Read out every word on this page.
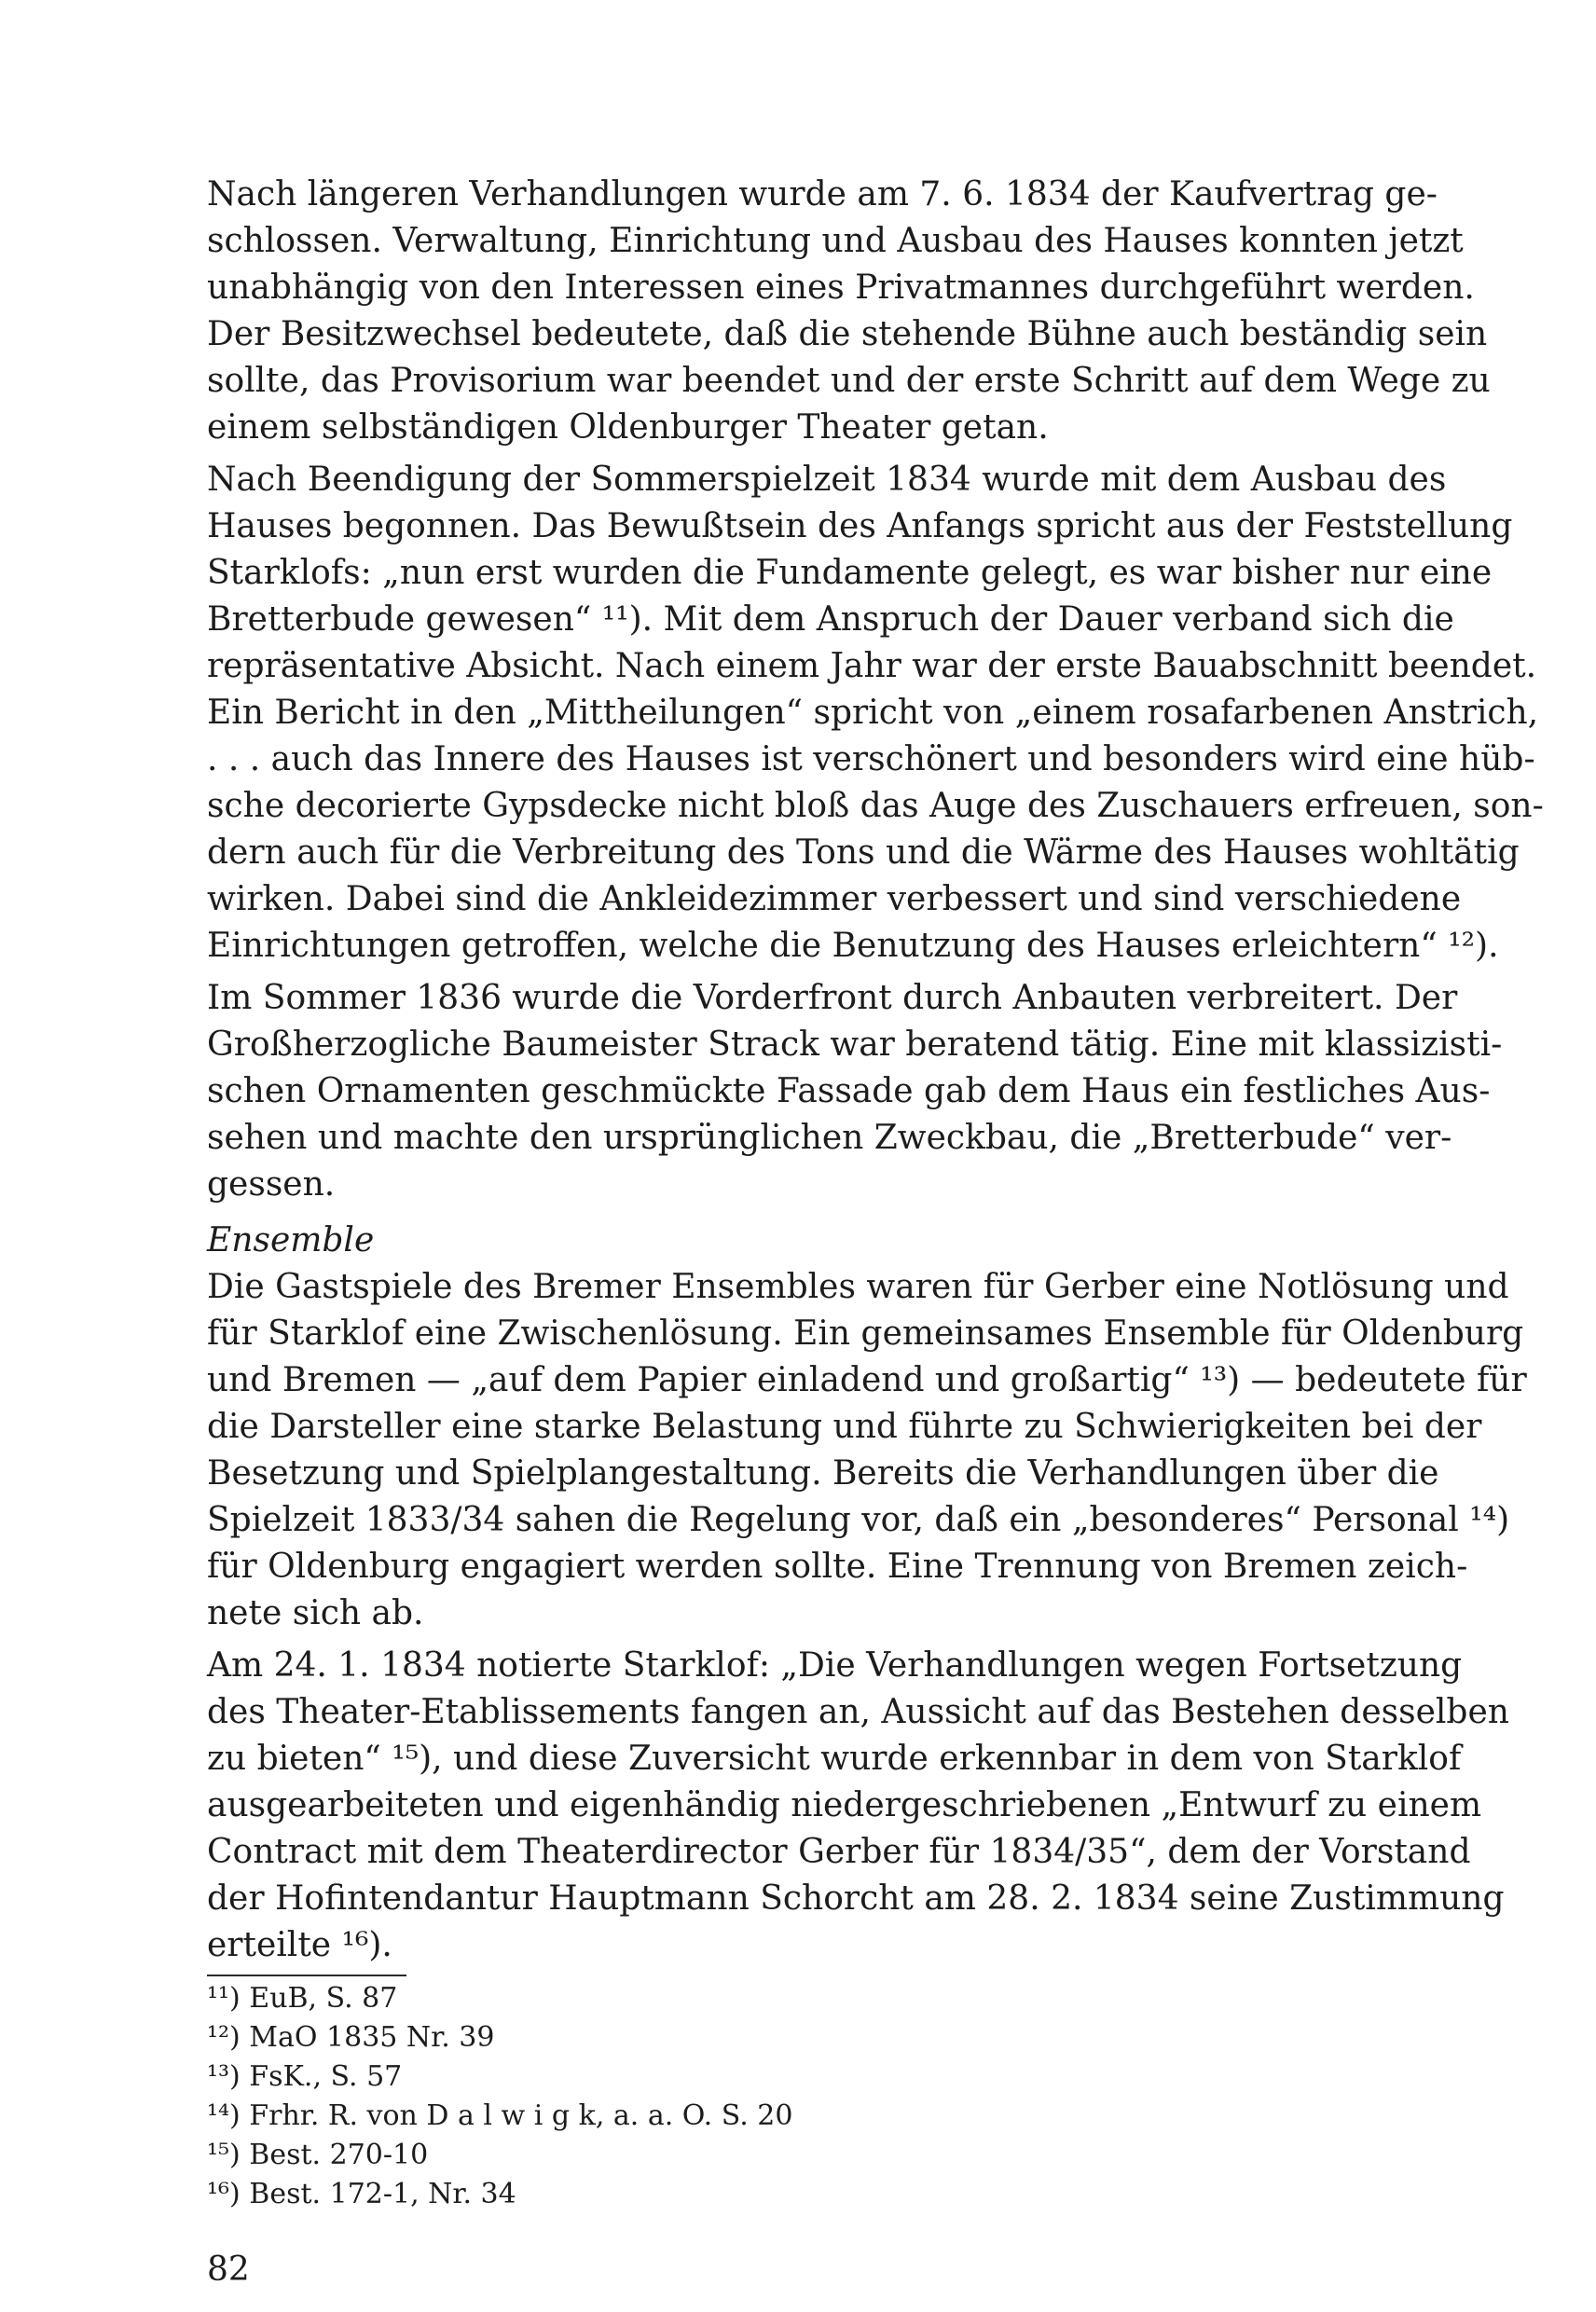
Nach längeren Verhandlungen wurde am 7. 6. 1834 der Kaufvertrag ge-
schlossen. Verwaltung, Einrichtung und Ausbau des Hauses konnten jetzt
unabhängig von den Interessen eines Privatmannes durchgeführt werden.
Der Besitzwechsel bedeutete, daß die stehende Bühne auch beständig sein
sollte, das Provisorium war beendet und der erste Schritt auf dem Wege zu
einem selbständigen Oldenburger Theater getan.
Nach Beendigung der Sommerspielzeit 1834 wurde mit dem Ausbau des
Hauses begonnen. Das Bewußtsein des Anfangs spricht aus der Feststellung
Starklofs: „nun erst wurden die Fundamente gelegt, es war bisher nur eine
Bretterbude gewesen“ ¹¹). Mit dem Anspruch der Dauer verband sich die
repräsentative Absicht. Nach einem Jahr war der erste Bauabschnitt beendet.
Ein Bericht in den „Mittheilungen“ spricht von „einem rosafarbenen Anstrich,
. . . auch das Innere des Hauses ist verschönert und besonders wird eine hüb-
sche decorierte Gypsdecke nicht bloß das Auge des Zuschauers erfreuen, son-
dern auch für die Verbreitung des Tons und die Wärme des Hauses wohltätig
wirken. Dabei sind die Ankleidezimmer verbessert und sind verschiedene
Einrichtungen getroffen, welche die Benutzung des Hauses erleichtern“ ¹²).
Im Sommer 1836 wurde die Vorderfront durch Anbauten verbreitert. Der
Großherzogliche Baumeister Strack war beratend tätig. Eine mit klassizisti-
schen Ornamenten geschmückte Fassade gab dem Haus ein festliches Aus-
sehen und machte den ursprünglichen Zweckbau, die „Bretterbude“ ver-
gessen.
Ensemble
Die Gastspiele des Bremer Ensembles waren für Gerber eine Notlösung und
für Starklof eine Zwischenlösung. Ein gemeinsames Ensemble für Oldenburg
und Bremen — „auf dem Papier einladend und großartig“ ¹³) — bedeutete für
die Darsteller eine starke Belastung und führte zu Schwierigkeiten bei der
Besetzung und Spielplangestaltung. Bereits die Verhandlungen über die
Spielzeit 1833/34 sahen die Regelung vor, daß ein „besonderes“ Personal ¹⁴)
für Oldenburg engagiert werden sollte. Eine Trennung von Bremen zeich-
nete sich ab.
Am 24. 1. 1834 notierte Starklof: „Die Verhandlungen wegen Fortsetzung
des Theater-Etablissements fangen an, Aussicht auf das Bestehen desselben
zu bieten“ ¹⁵), und diese Zuversicht wurde erkennbar in dem von Starklof
ausgearbeiteten und eigenhändig niedergeschriebenen „Entwurf zu einem
Contract mit dem Theaterdirector Gerber für 1834/35“, dem der Vorstand
der Hofintendantur Hauptmann Schorcht am 28. 2. 1834 seine Zustimmung
erteilte ¹⁶).
¹¹) EuB, S. 87
¹²) MaO 1835 Nr. 39
¹³) FsK., S. 57
¹⁴) Frhr. R. von D a l w i g k, a. a. O. S. 20
¹⁵) Best. 270-10
¹⁶) Best. 172-1, Nr. 34
82
